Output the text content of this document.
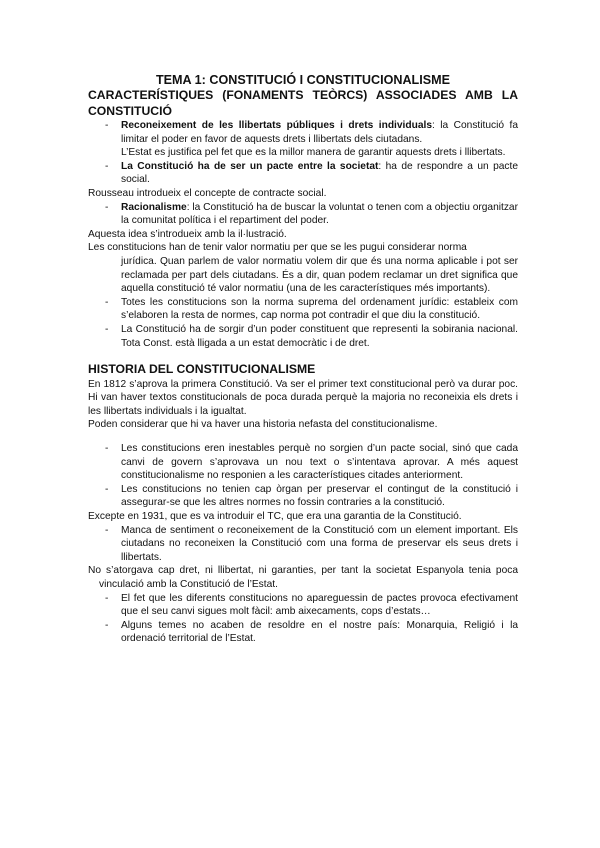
TEMA 1: CONSTITUCIÓ I CONSTITUCIONALISME
CARACTERÍSTIQUES (FONAMENTS TEÒRCS) ASSOCIADES AMB LA
CONSTITUCIÓ
- Reconeixement de les llibertats públiques i drets individuals: la Constitució fa limitar el poder en favor de aquests drets i llibertats dels ciutadans.
L’Estat es justifica pel fet que es la millor manera de garantir aquests drets i llibertats.
- La Constitució ha de ser un pacte entre la societat: ha de respondre a un pacte social.
Rousseau introdueix el concepte de contracte social.
- Racionalisme: la Constitució ha de buscar la voluntat o tenen com a objectiu organitzar la comunitat política i el repartiment del poder.
Aquesta idea s’introdueix amb la il·lustració.
Les constitucions han de tenir valor normatiu per que se les pugui considerar norma
jurídica. Quan parlem de valor normatiu volem dir que és una norma aplicable i pot ser reclamada per part dels ciutadans. És a dir, quan podem reclamar un dret significa que aquella constitució té valor normatiu (una de les característiques més importants).
- Totes les constitucions son la norma suprema del ordenament jurídic: estableix com s’elaboren la resta de normes, cap norma pot contradir el que diu la constitució.
- La Constitució ha de sorgir d’un poder constituent que representi la sobirania nacional. Tota Const. està lligada a un estat democràtic i de dret.
HISTORIA DEL CONSTITUCIONALISME
En 1812 s’aprova la primera Constitució. Va ser el primer text constitucional però va durar poc. Hi van haver textos constitucionals de poca durada perquè la majoria no reconeixia els drets i les llibertats individuals i la igualtat.
Poden considerar que hi va haver una historia nefasta del constitucionalisme.
- Les constitucions eren inestables perquè no sorgien d’un pacte social, sinó que cada canvi de govern s’aprovava un nou text o s’intentava aprovar. A més aquest constitucionalisme no responien a les característiques citades anteriorment.
- Les constitucions no tenien cap òrgan per preservar el contingut de la constitució i assegurar-se que les altres normes no fossin contraries a la constitució.
Excepte en 1931, que es va introduir el TC, que era una garantia de la Constitució.
- Manca de sentiment o reconeixement de la Constitució com un element important. Els ciutadans no reconeixen la Constitució com una forma de preservar els seus drets i llibertats.
No s’atorgava cap dret, ni llibertat, ni garanties, per tant la societat Espanyola tenia poca vinculació amb la Constitució de l’Estat.
- El fet que les diferents constitucions no apareguessin de pactes provoca efectivament que el seu canvi sigues molt fàcil: amb aixecaments, cops d’estats…
- Alguns temes no acaben de resoldre en el nostre país: Monarquia, Religió i la ordenació territorial de l’Estat.
